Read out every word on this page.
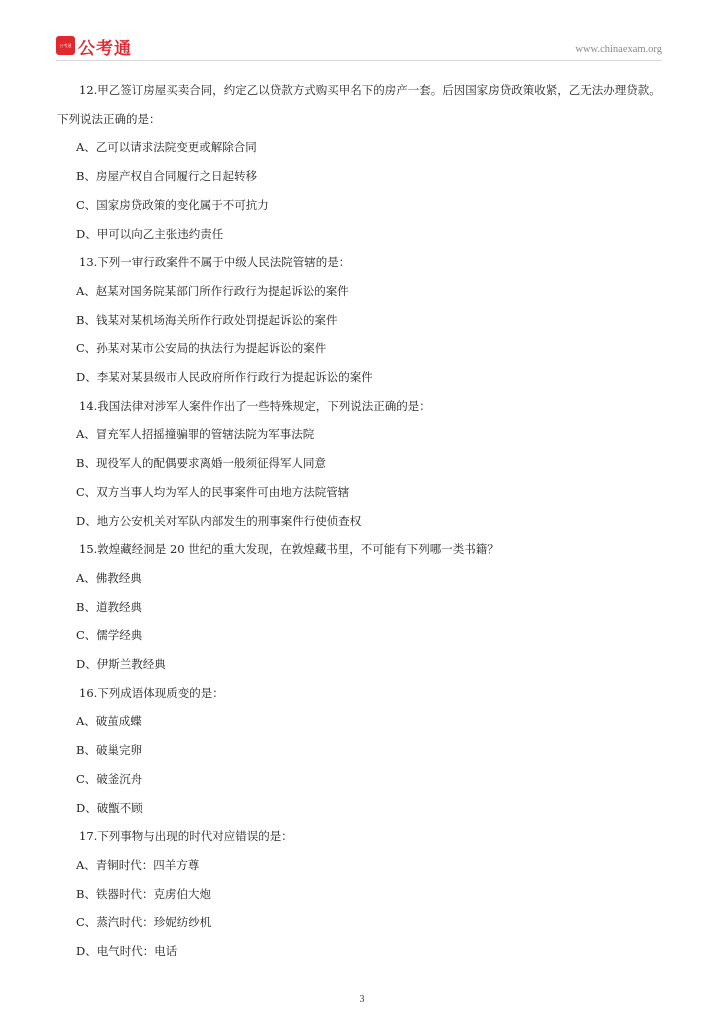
公考通 公考通	www.chinaexam.org

12.甲乙签订房屋买卖合同，约定乙以贷款方式购买甲名下的房产一套。后因国家房贷政策收紧，乙无法办理贷款。下列说法正确的是：

A、乙可以请求法院变更或解除合同

B、房屋产权自合同履行之日起转移

C、国家房贷政策的变化属于不可抗力

D、甲可以向乙主张违约责任

13.下列一审行政案件不属于中级人民法院管辖的是：

A、赵某对国务院某部门所作行政行为提起诉讼的案件

B、钱某对某机场海关所作行政处罚提起诉讼的案件

C、孙某对某市公安局的执法行为提起诉讼的案件

D、李某对某县级市人民政府所作行政行为提起诉讼的案件

14.我国法律对涉军人案件作出了一些特殊规定，下列说法正确的是：

A、冒充军人招摇撞骗罪的管辖法院为军事法院

B、现役军人的配偶要求离婚一般须征得军人同意

C、双方当事人均为军人的民事案件可由地方法院管辖

D、地方公安机关对军队内部发生的刑事案件行使侦查权

15.敦煌藏经洞是 20 世纪的重大发现，在敦煌藏书里，不可能有下列哪一类书籍？

A、佛教经典

B、道教经典

C、儒学经典

D、伊斯兰教经典

16.下列成语体现质变的是：

A、破茧成蝶

B、破巢完卵

C、破釜沉舟

D、破甑不顾

17.下列事物与出现的时代对应错误的是：

A、青铜时代：四羊方尊

B、铁器时代：克虏伯大炮

C、蒸汽时代：珍妮纺纱机

D、电气时代：电话

3
